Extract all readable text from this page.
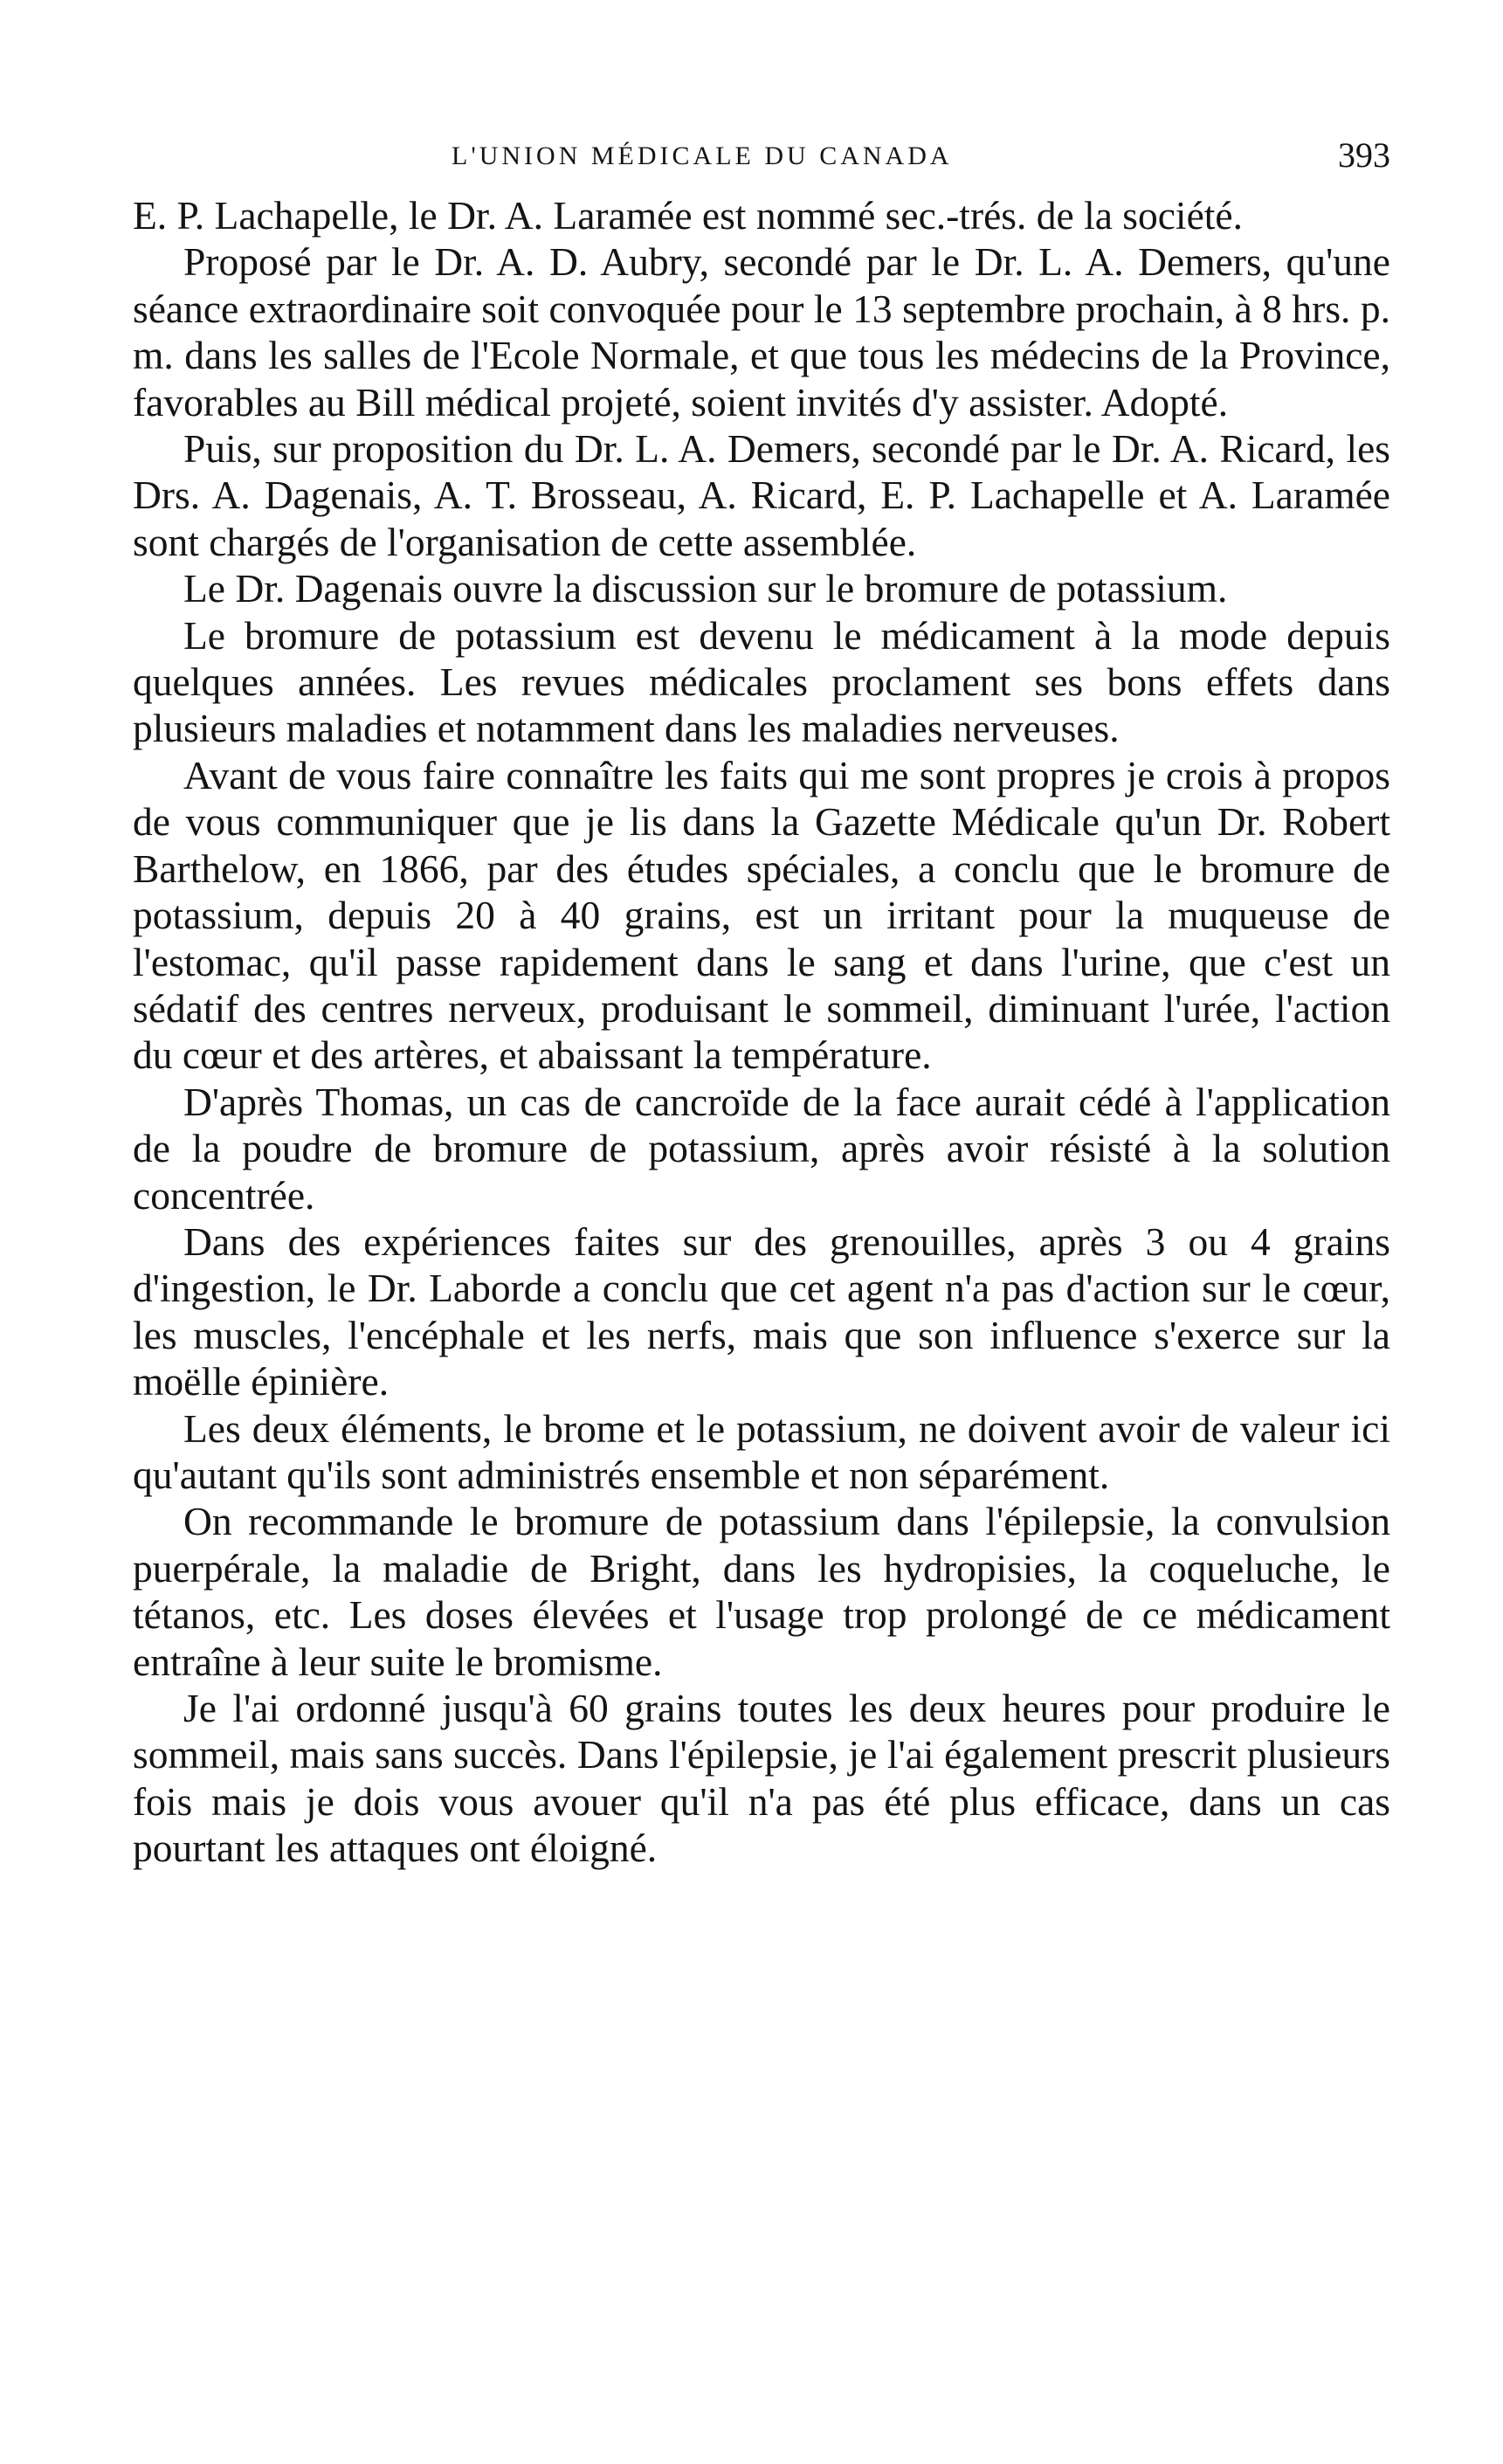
L'UNION MÉDICALE DU CANADA	393

E. P. Lachapelle, le Dr. A. Laramée est nommé sec.-trés. de la société.

Proposé par le Dr. A. D. Aubry, secondé par le Dr. L. A. Demers, qu'une séance extraordinaire soit convoquée pour le 13 septembre prochain, à 8 hrs. p. m. dans les salles de l'Ecole Normale, et que tous les médecins de la Province, favorables au Bill médical projeté, soient invités d'y assister. Adopté.

Puis, sur proposition du Dr. L. A. Demers, secondé par le Dr. A. Ricard, les Drs. A. Dagenais, A. T. Brosseau, A. Ricard, E. P. Lachapelle et A. Laramée sont chargés de l'organisation de cette assemblée.

Le Dr. Dagenais ouvre la discussion sur le bromure de potassium.

Le bromure de potassium est devenu le médicament à la mode depuis quelques années. Les revues médicales proclament ses bons effets dans plusieurs maladies et notamment dans les maladies nerveuses.

Avant de vous faire connaître les faits qui me sont propres je crois à propos de vous communiquer que je lis dans la Gazette Médicale qu'un Dr. Robert Barthelow, en 1866, par des études spéciales, a conclu que le bromure de potassium, depuis 20 à 40 grains, est un irritant pour la muqueuse de l'estomac, qu'il passe rapidement dans le sang et dans l'urine, que c'est un sédatif des centres nerveux, produisant le sommeil, diminuant l'urée, l'action du cœur et des artères, et abaissant la température.

D'après Thomas, un cas de cancroïde de la face aurait cédé à l'application de la poudre de bromure de potassium, après avoir résisté à la solution concentrée.

Dans des expériences faites sur des grenouilles, après 3 ou 4 grains d'ingestion, le Dr. Laborde a conclu que cet agent n'a pas d'action sur le cœur, les muscles, l'encéphale et les nerfs, mais que son influence s'exerce sur la moëlle épinière.

Les deux éléments, le brome et le potassium, ne doivent avoir de valeur ici qu'autant qu'ils sont administrés ensemble et non séparément.

On recommande le bromure de potassium dans l'épilepsie, la convulsion puerpérale, la maladie de Bright, dans les hydropisies, la coqueluche, le tétanos, etc. Les doses élevées et l'usage trop prolongé de ce médicament entraîne à leur suite le bromisme.

Je l'ai ordonné jusqu'à 60 grains toutes les deux heures pour produire le sommeil, mais sans succès. Dans l'épilepsie, je l'ai également prescrit plusieurs fois mais je dois vous avouer qu'il n'a pas été plus efficace, dans un cas pourtant les attaques ont éloigné.
